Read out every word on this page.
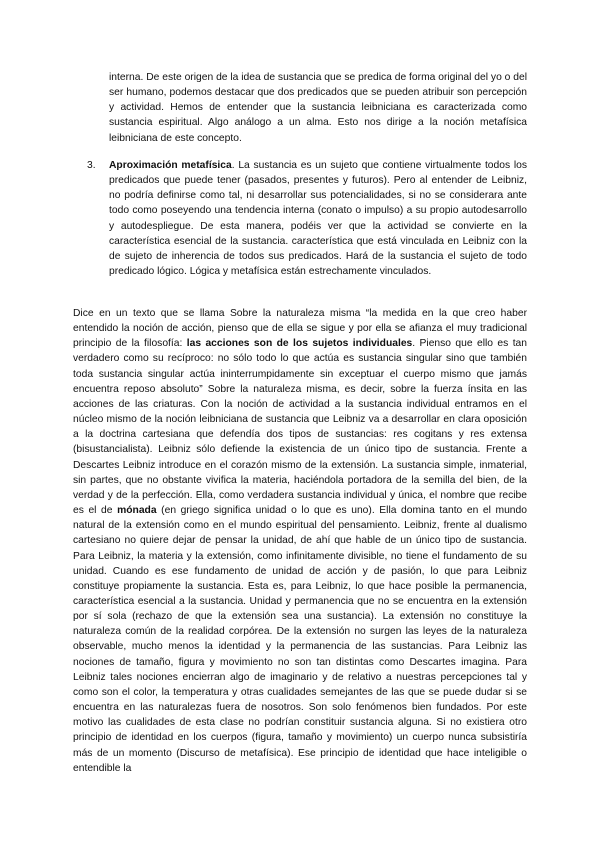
interna. De este origen de la idea de sustancia que se predica de forma original del yo o del ser humano, podemos destacar que dos predicados que se pueden atribuir son percepción y actividad. Hemos de entender que la sustancia leibniciana es caracterizada como sustancia espiritual. Algo análogo a un alma. Esto nos dirige a la noción metafísica leibniciana de este concepto.

3. Aproximación metafísica. La sustancia es un sujeto que contiene virtualmente todos los predicados que puede tener (pasados, presentes y futuros). Pero al entender de Leibniz, no podría definirse como tal, ni desarrollar sus potencialidades, si no se considerara ante todo como poseyendo una tendencia interna (conato o impulso) a su propio autodesarrollo y autodespliegue. De esta manera, podéis ver que la actividad se convierte en la característica esencial de la sustancia. característica que está vinculada en Leibniz con la de sujeto de inherencia de todos sus predicados. Hará de la sustancia el sujeto de todo predicado lógico. Lógica y metafísica están estrechamente vinculados.

Dice en un texto que se llama Sobre la naturaleza misma “la medida en la que creo haber entendido la noción de acción, pienso que de ella se sigue y por ella se afianza el muy tradicional principio de la filosofía: las acciones son de los sujetos individuales. Pienso que ello es tan verdadero como su recíproco: no sólo todo lo que actúa es sustancia singular sino que también toda sustancia singular actúa ininterrumpidamente sin exceptuar el cuerpo mismo que jamás encuentra reposo absoluto” Sobre la naturaleza misma, es decir, sobre la fuerza ínsita en las acciones de las criaturas. Con la noción de actividad a la sustancia individual entramos en el núcleo mismo de la noción leibniciana de sustancia que Leibniz va a desarrollar en clara oposición a la doctrina cartesiana que defendía dos tipos de sustancias: res cogitans y res extensa (bisustancialista). Leibniz sólo defiende la existencia de un único tipo de sustancia. Frente a Descartes Leibniz introduce en el corazón mismo de la extensión. La sustancia simple, inmaterial, sin partes, que no obstante vivifica la materia, haciéndola portadora de la semilla del bien, de la verdad y de la perfección. Ella, como verdadera sustancia individual y única, el nombre que recibe es el de mónada (en griego significa unidad o lo que es uno). Ella domina tanto en el mundo natural de la extensión como en el mundo espiritual del pensamiento. Leibniz, frente al dualismo cartesiano no quiere dejar de pensar la unidad, de ahí que hable de un único tipo de sustancia. Para Leibniz, la materia y la extensión, como infinitamente divisible, no tiene el fundamento de su unidad. Cuando es ese fundamento de unidad de acción y de pasión, lo que para Leibniz constituye propiamente la sustancia. Esta es, para Leibniz, lo que hace posible la permanencia, característica esencial a la sustancia. Unidad y permanencia que no se encuentra en la extensión por sí sola (rechazo de que la extensión sea una sustancia). La extensión no constituye la naturaleza común de la realidad corpórea. De la extensión no surgen las leyes de la naturaleza observable, mucho menos la identidad y la permanencia de las sustancias. Para Leibniz las nociones de tamaño, figura y movimiento no son tan distintas como Descartes imagina. Para Leibniz tales nociones encierran algo de imaginario y de relativo a nuestras percepciones tal y como son el color, la temperatura y otras cualidades semejantes de las que se puede dudar si se encuentra en las naturalezas fuera de nosotros. Son solo fenómenos bien fundados. Por este motivo las cualidades de esta clase no podrían constituir sustancia alguna. Si no existiera otro principio de identidad en los cuerpos (figura, tamaño y movimiento) un cuerpo nunca subsistiría más de un momento (Discurso de metafísica). Ese principio de identidad que hace inteligible o entendible la
